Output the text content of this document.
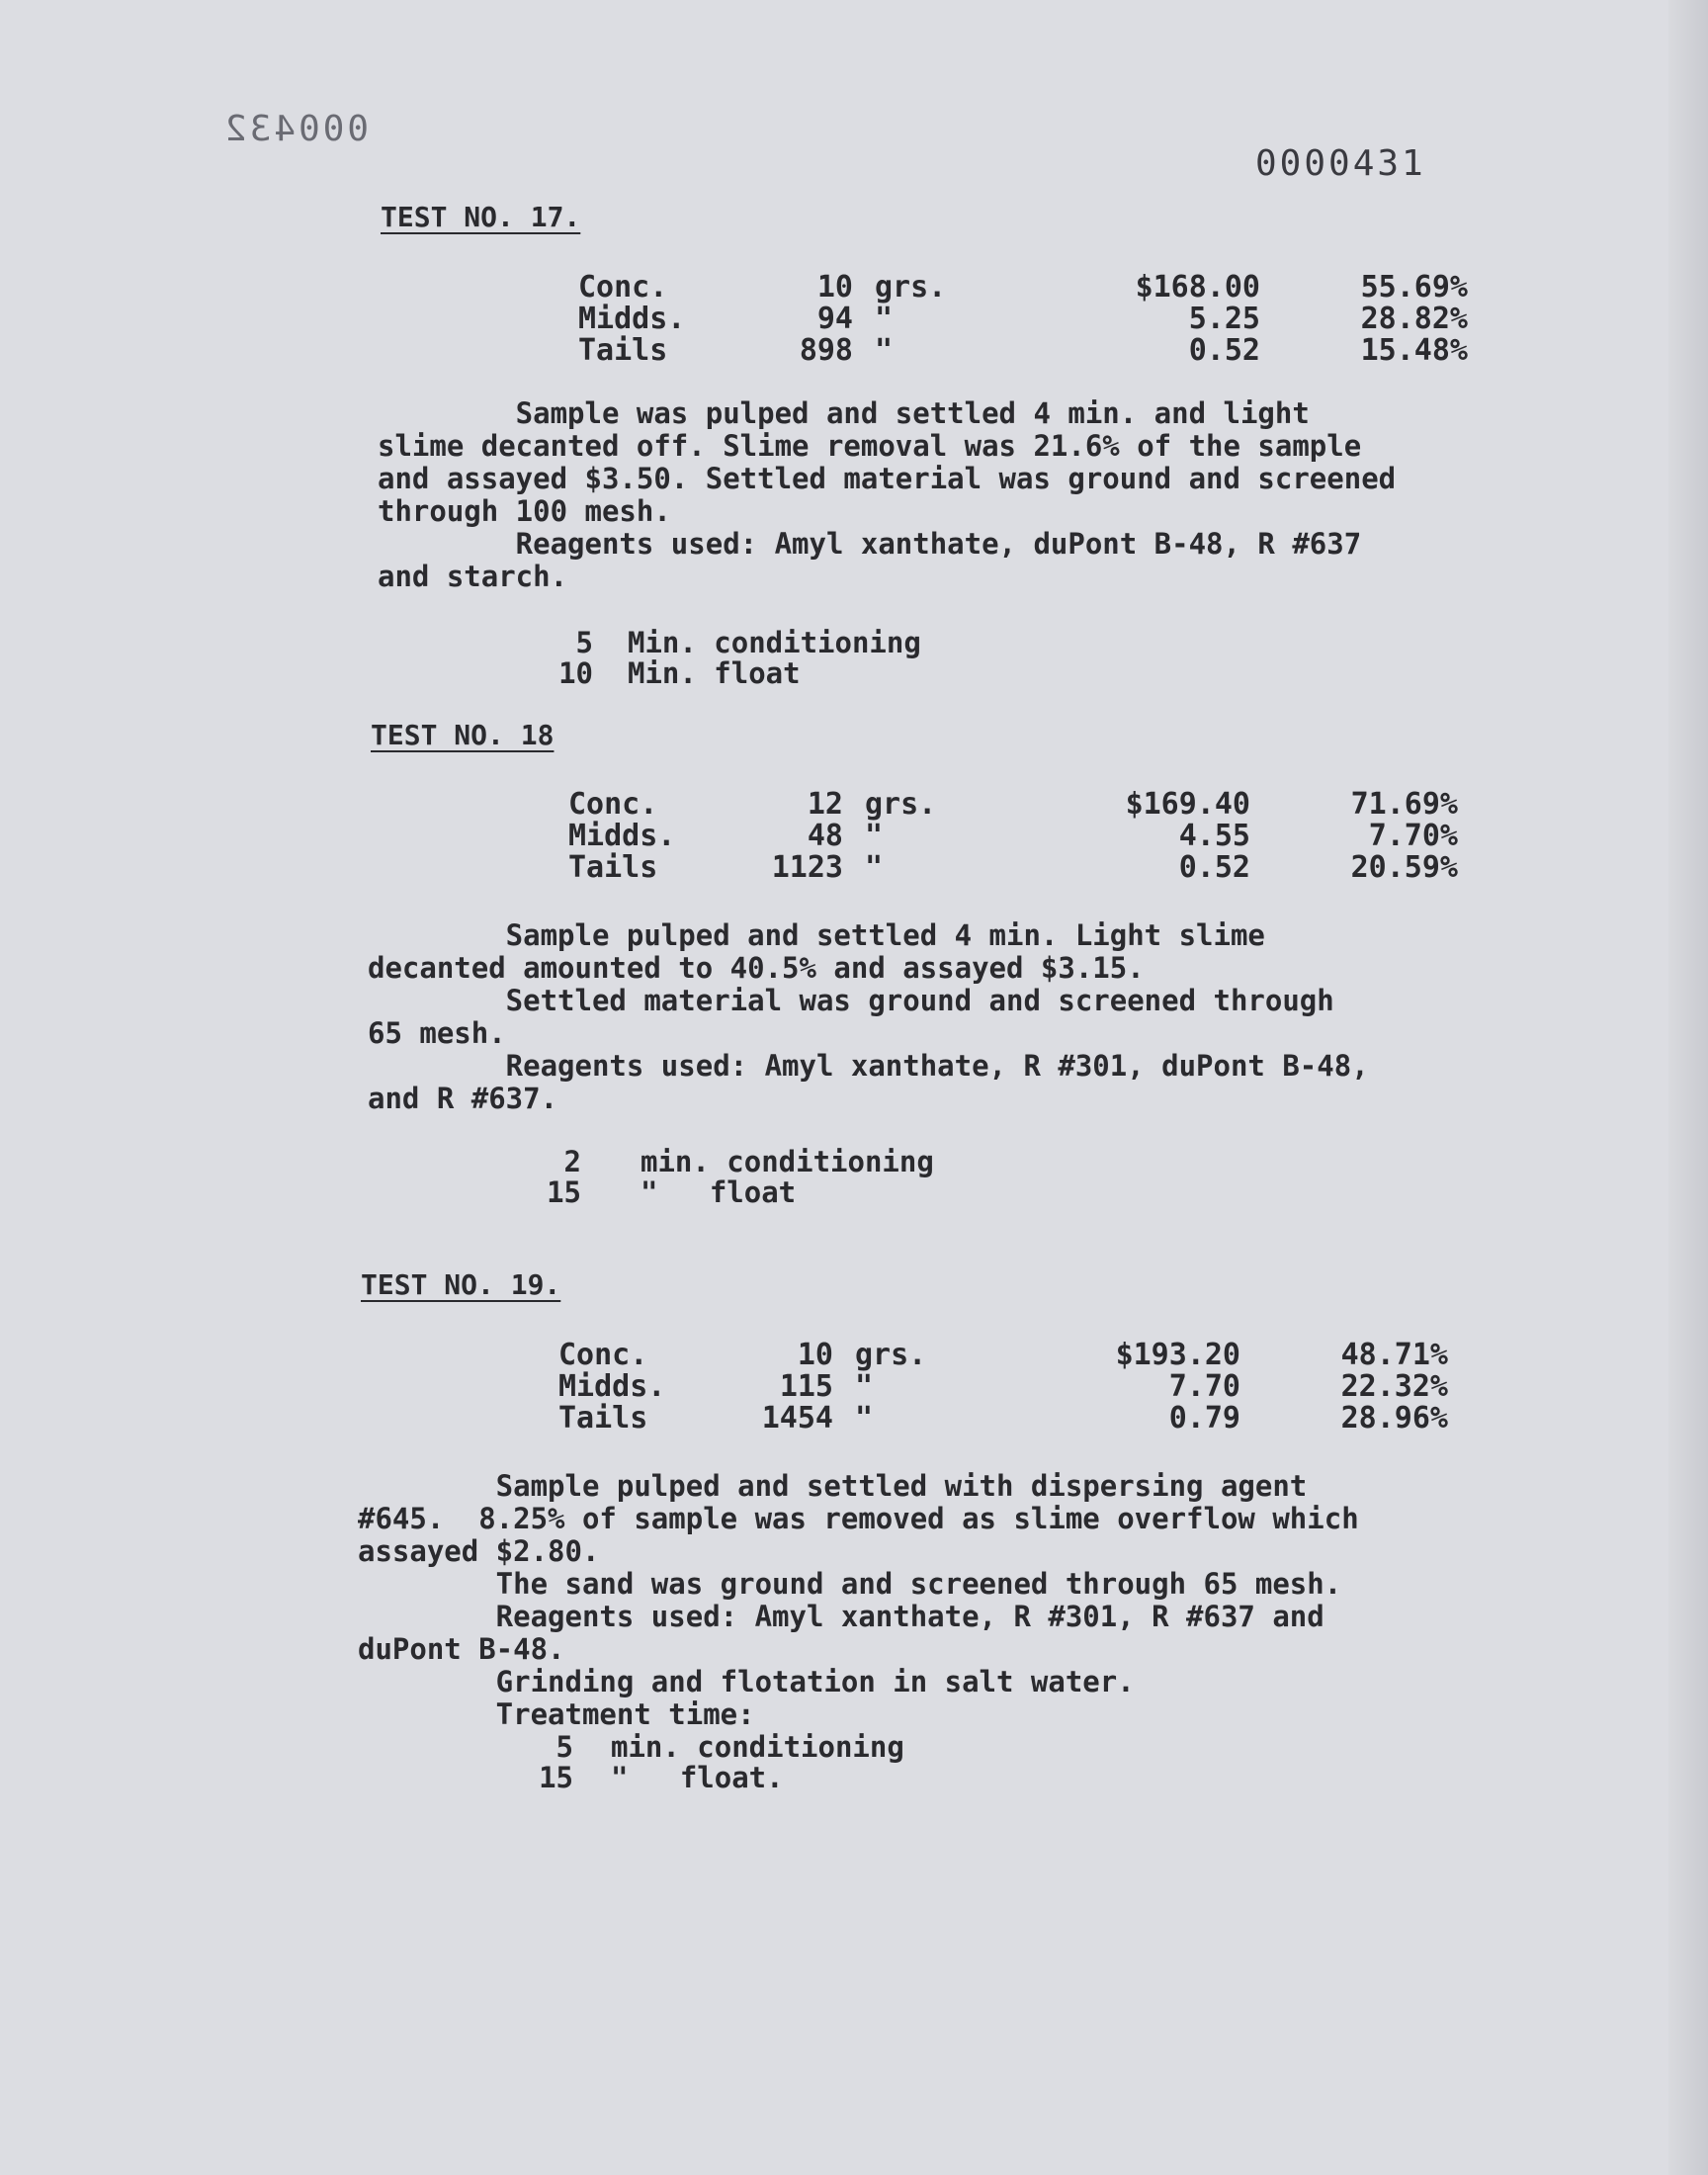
000432
0000431
TEST NO. 17.
Conc.	10 grs.	$168.00	55.69%
Midds.	94 "	5.25	28.82%
Tails	898 "	0.52	15.48%
Sample was pulped and settled 4 min. and light
slime decanted off. Slime removal was 21.6% of the sample
and assayed $3.50. Settled material was ground and screened
through 100 mesh.
Reagents used: Amyl xanthate, duPont B-48, R #637
and starch.
5 Min. conditioning
10 Min. float
TEST NO. 18
Conc.	12 grs.	$169.40	71.69%
Midds.	48 "	4.55	7.70%
Tails	1123 "	0.52	20.59%
Sample pulped and settled 4 min. Light slime
decanted amounted to 40.5% and assayed $3.15.
Settled material was ground and screened through
65 mesh.
Reagents used: Amyl xanthate, R #301, duPont B-48,
and R #637.
2 min. conditioning
15 "   float
TEST NO. 19.
Conc.	10 grs.	$193.20	48.71%
Midds.	115 "	7.70	22.32%
Tails	1454 "	0.79	28.96%
Sample pulped and settled with dispersing agent
#645.  8.25% of sample was removed as slime overflow which
assayed $2.80.
The sand was ground and screened through 65 mesh.
Reagents used: Amyl xanthate, R #301, R #637 and
duPont B-48.
Grinding and flotation in salt water.
Treatment time:
5 min. conditioning
15 "   float.
